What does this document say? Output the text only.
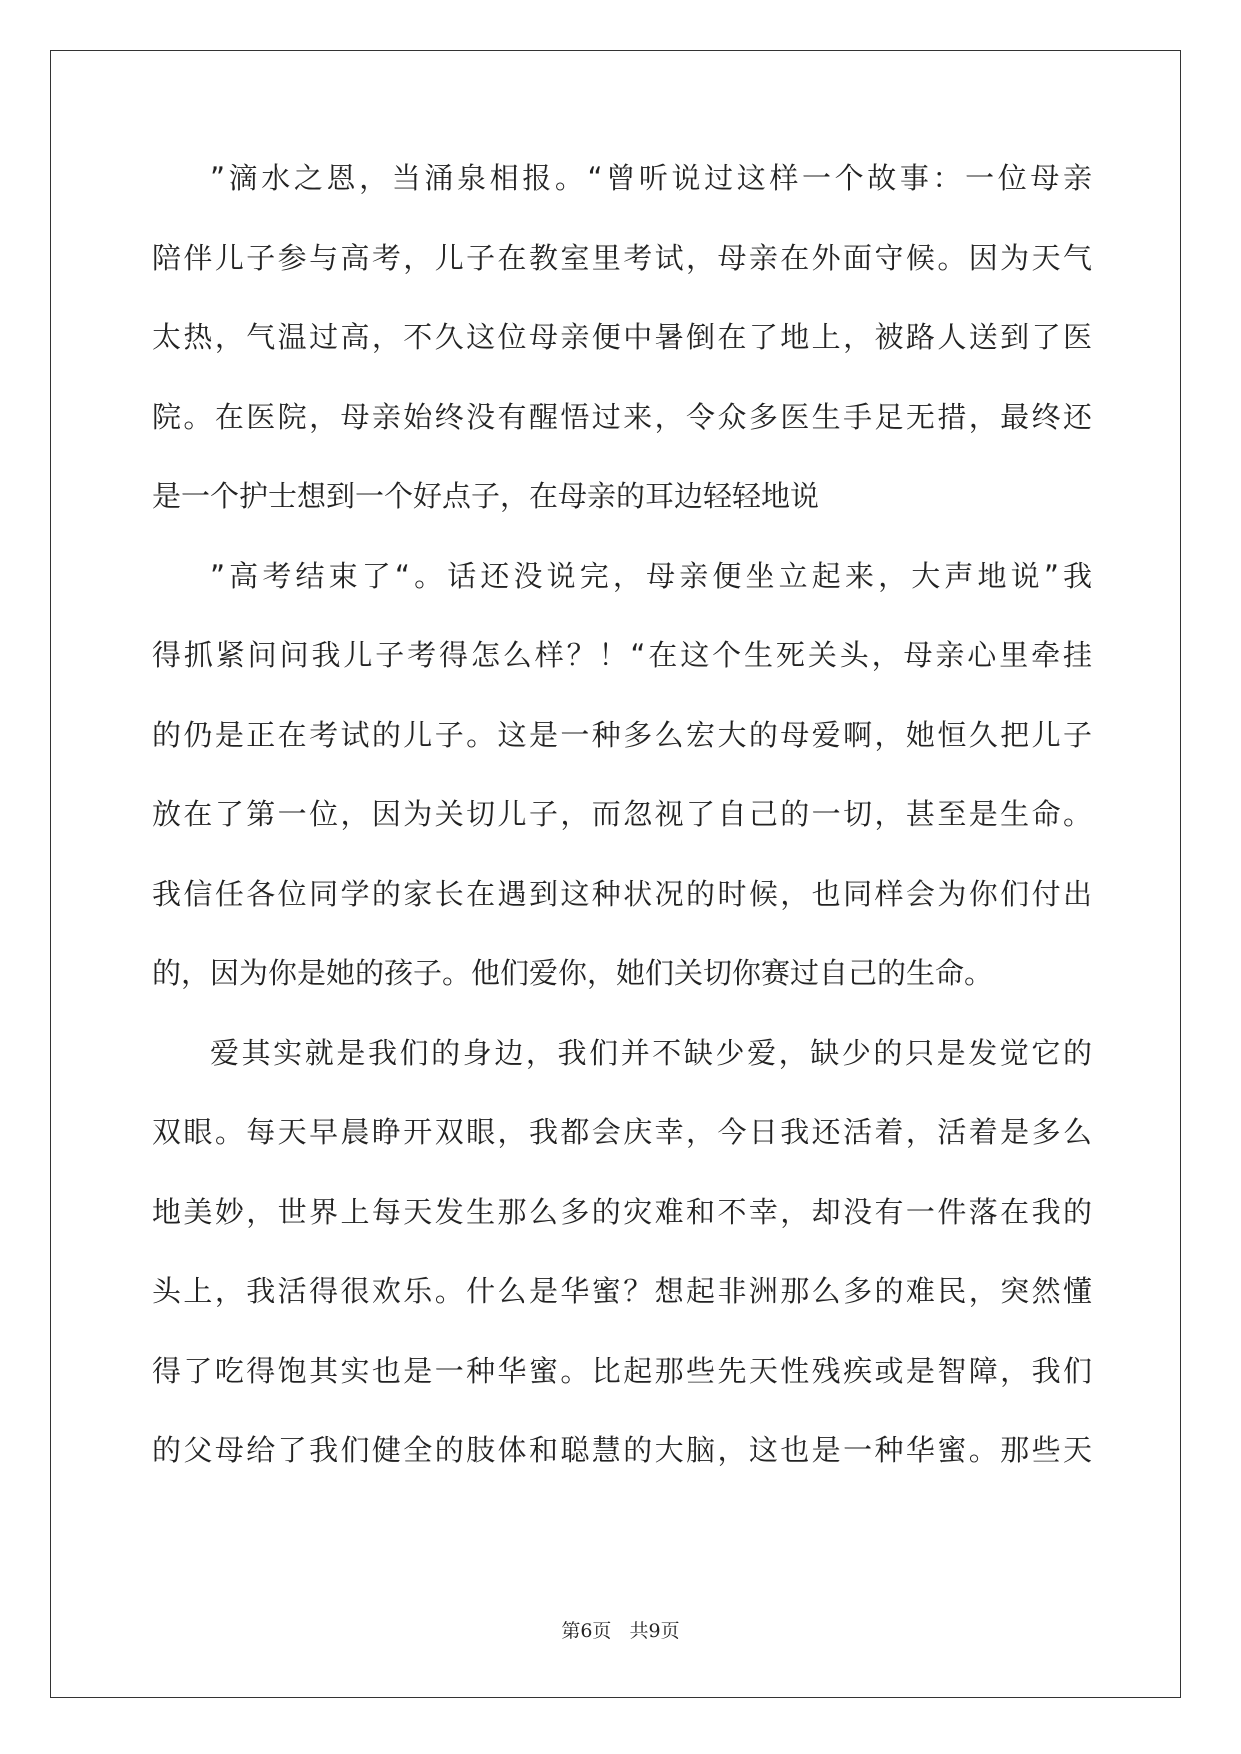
”滴水之恩，当涌泉相报。“曾听说过这样一个故事：一位母亲
陪伴儿子参与高考，儿子在教室里考试，母亲在外面守候。因为天气
太热，气温过高，不久这位母亲便中暑倒在了地上，被路人送到了医
院。在医院，母亲始终没有醒悟过来，令众多医生手足无措，最终还
是一个护士想到一个好点子，在母亲的耳边轻轻地说
”高考结束了“。话还没说完，母亲便坐立起来，大声地说”我
得抓紧问问我儿子考得怎么样？！“在这个生死关头，母亲心里牵挂
的仍是正在考试的儿子。这是一种多么宏大的母爱啊，她恒久把儿子
放在了第一位，因为关切儿子，而忽视了自己的一切，甚至是生命。
我信任各位同学的家长在遇到这种状况的时候，也同样会为你们付出
的，因为你是她的孩子。他们爱你，她们关切你赛过自己的生命。
爱其实就是我们的身边，我们并不缺少爱，缺少的只是发觉它的
双眼。每天早晨睁开双眼，我都会庆幸，今日我还活着，活着是多么
地美妙，世界上每天发生那么多的灾难和不幸，却没有一件落在我的
头上，我活得很欢乐。什么是华蜜？想起非洲那么多的难民，突然懂
得了吃得饱其实也是一种华蜜。比起那些先天性残疾或是智障，我们
的父母给了我们健全的肢体和聪慧的大脑，这也是一种华蜜。那些天
第6页   共9页
